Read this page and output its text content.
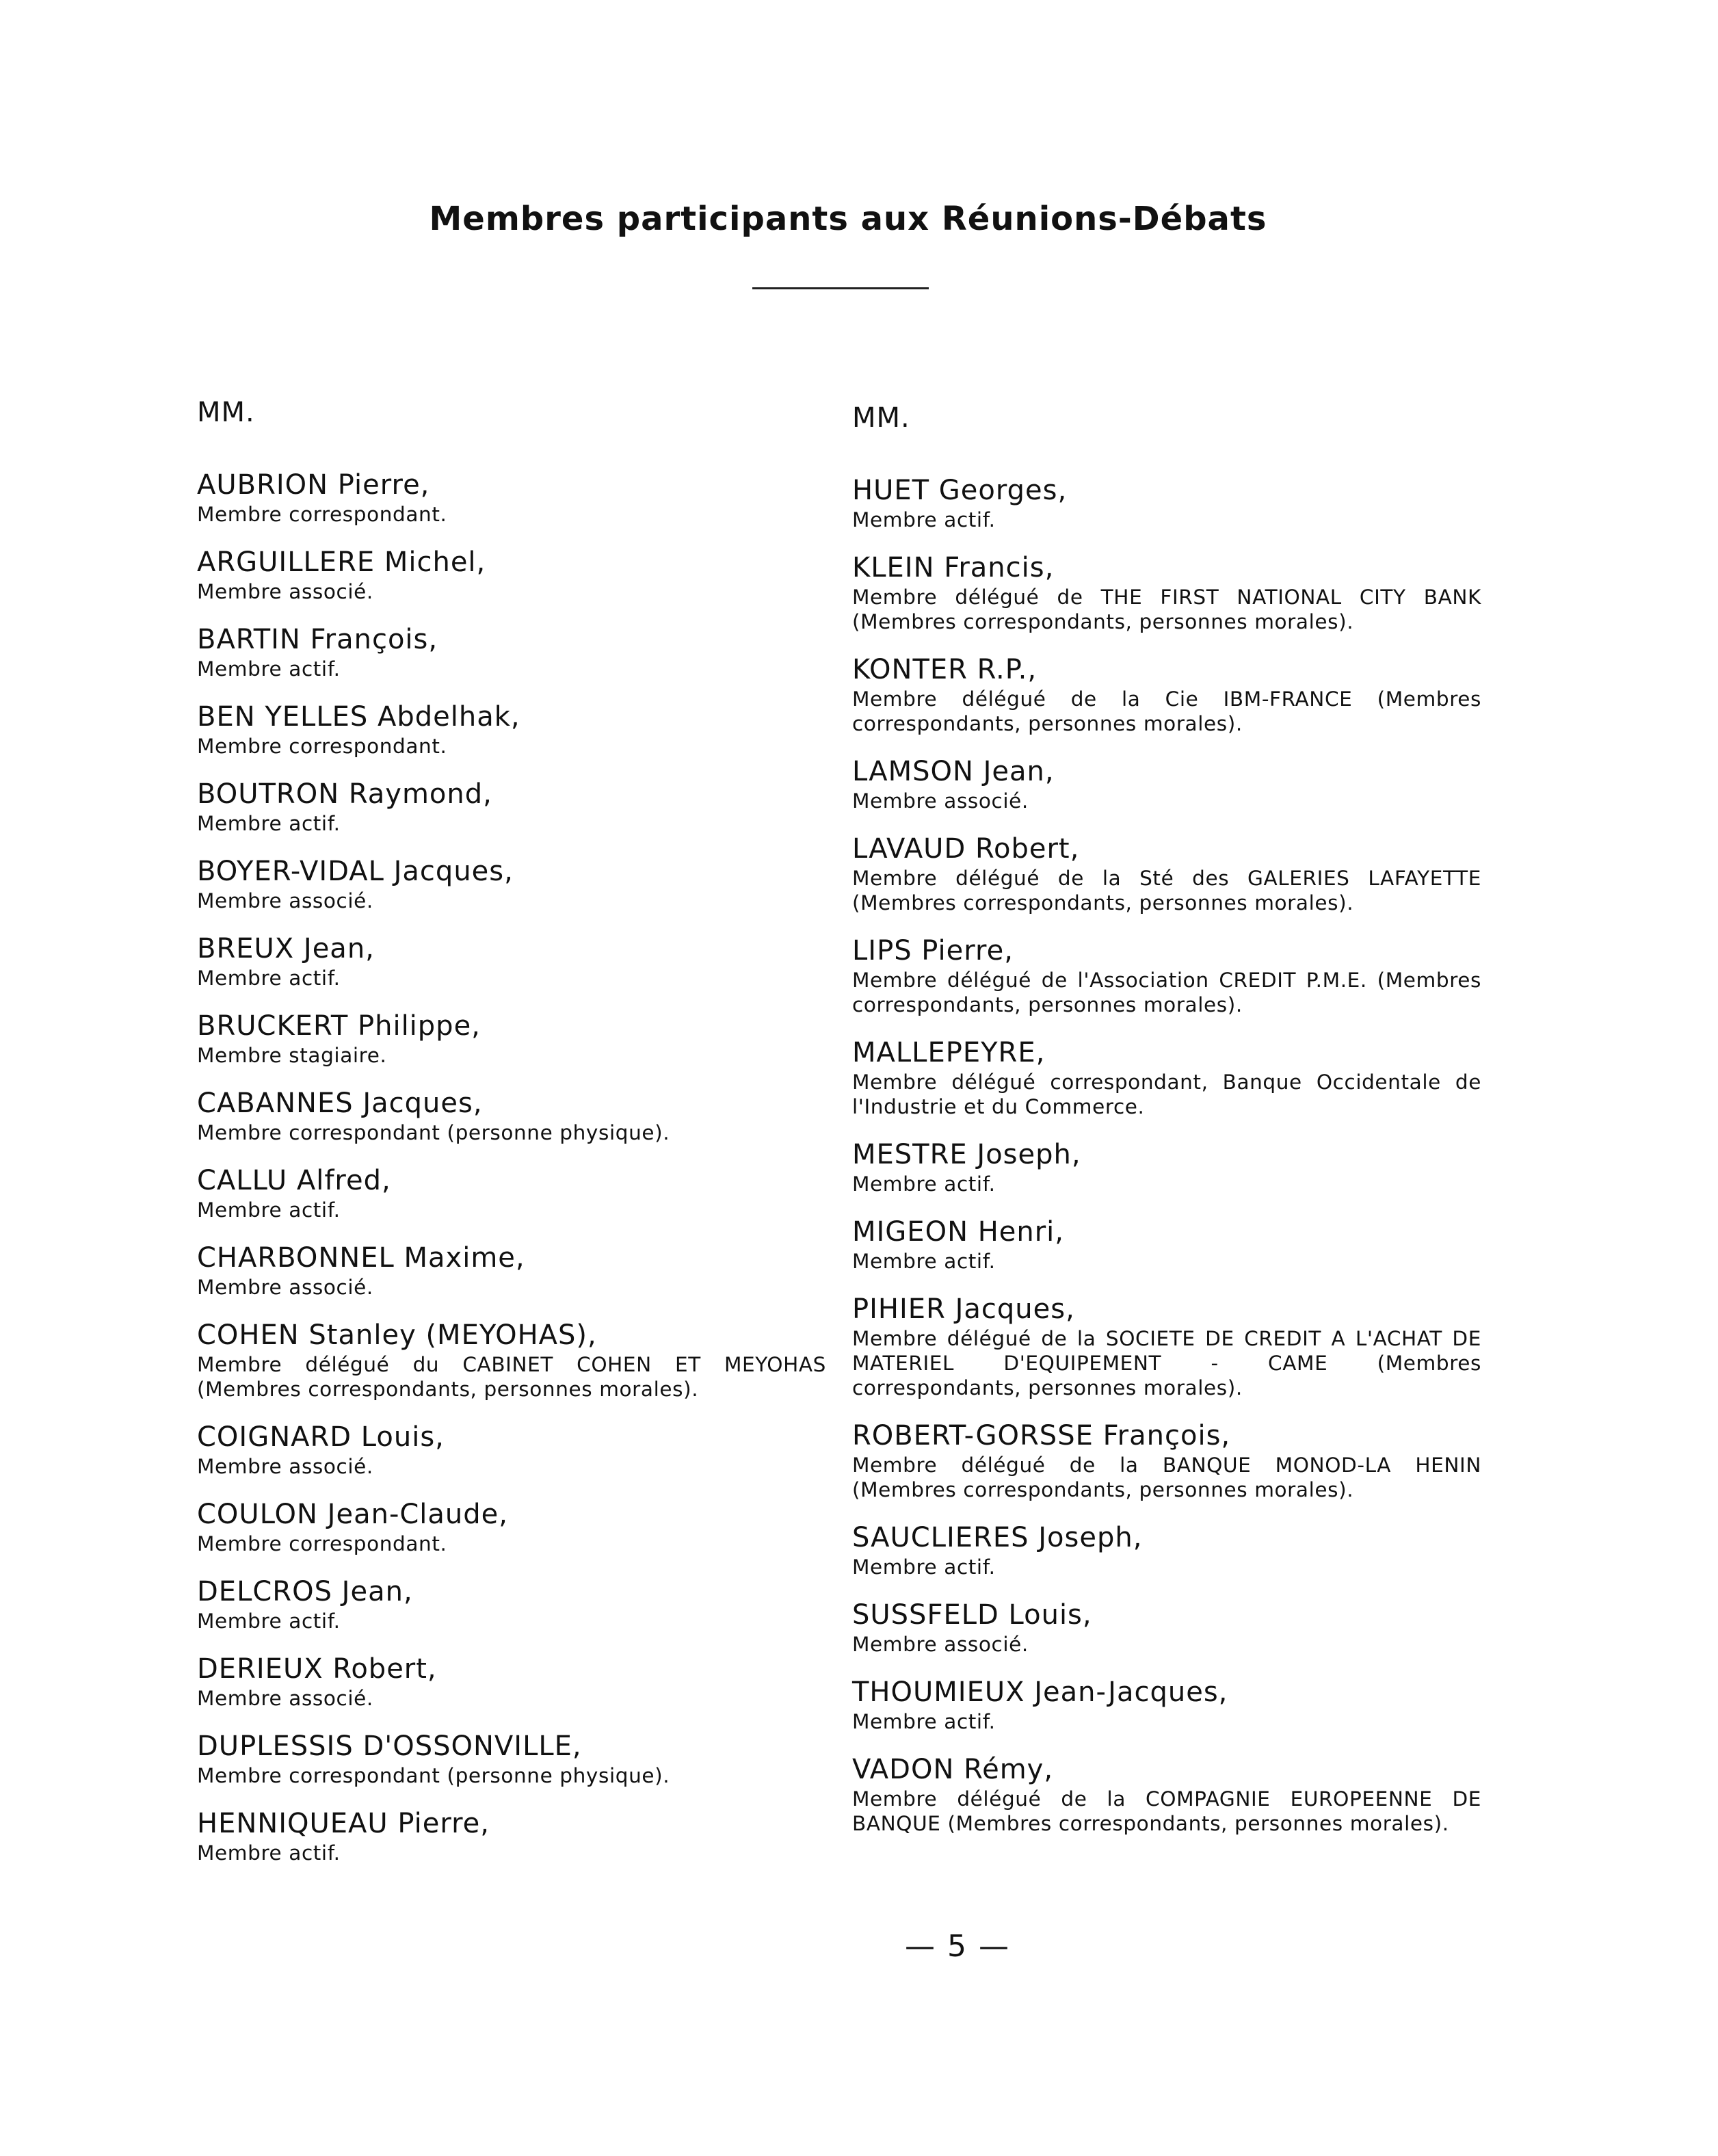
Membres participants aux Réunions-Débats
MM.
AUBRION Pierre,
Membre correspondant.
ARGUILLERE Michel,
Membre associé.
BARTIN François,
Membre actif.
BEN YELLES Abdelhak,
Membre correspondant.
BOUTRON Raymond,
Membre actif.
BOYER-VIDAL Jacques,
Membre associé.
BREUX Jean,
Membre actif.
BRUCKERT Philippe,
Membre stagiaire.
CABANNES Jacques,
Membre correspondant (personne physique).
CALLU Alfred,
Membre actif.
CHARBONNEL Maxime,
Membre associé.
COHEN Stanley (MEYOHAS),
Membre délégué du CABINET COHEN ET MEYOHAS (Membres correspondants, personnes morales).
COIGNARD Louis,
Membre associé.
COULON Jean-Claude,
Membre correspondant.
DELCROS Jean,
Membre actif.
DERIEUX Robert,
Membre associé.
DUPLESSIS D'OSSONVILLE,
Membre correspondant (personne physique).
HENNIQUEAU Pierre,
Membre actif.
MM.
HUET Georges,
Membre actif.
KLEIN Francis,
Membre délégué de THE FIRST NATIONAL CITY BANK (Membres correspondants, personnes morales).
KONTER R.P.,
Membre délégué de la Cie IBM-FRANCE (Membres correspondants, personnes morales).
LAMSON Jean,
Membre associé.
LAVAUD Robert,
Membre délégué de la Sté des GALERIES LAFAYETTE (Membres correspondants, personnes morales).
LIPS Pierre,
Membre délégué de l'Association CREDIT P.M.E. (Membres correspondants, personnes morales).
MALLEPEYRE,
Membre délégué correspondant, Banque Occidentale de l'Industrie et du Commerce.
MESTRE Joseph,
Membre actif.
MIGEON Henri,
Membre actif.
PIHIER Jacques,
Membre délégué de la SOCIETE DE CREDIT A L'ACHAT DE MATERIEL D'EQUIPEMENT - CAME (Membres correspondants, personnes morales).
ROBERT-GORSSE François,
Membre délégué de la BANQUE MONOD-LA HENIN (Membres correspondants, personnes morales).
SAUCLIERES Joseph,
Membre actif.
SUSSFELD Louis,
Membre associé.
THOUMIEUX Jean-Jacques,
Membre actif.
VADON Rémy,
Membre délégué de la COMPAGNIE EUROPEENNE DE BANQUE (Membres correspondants, personnes morales).
— 5 —
